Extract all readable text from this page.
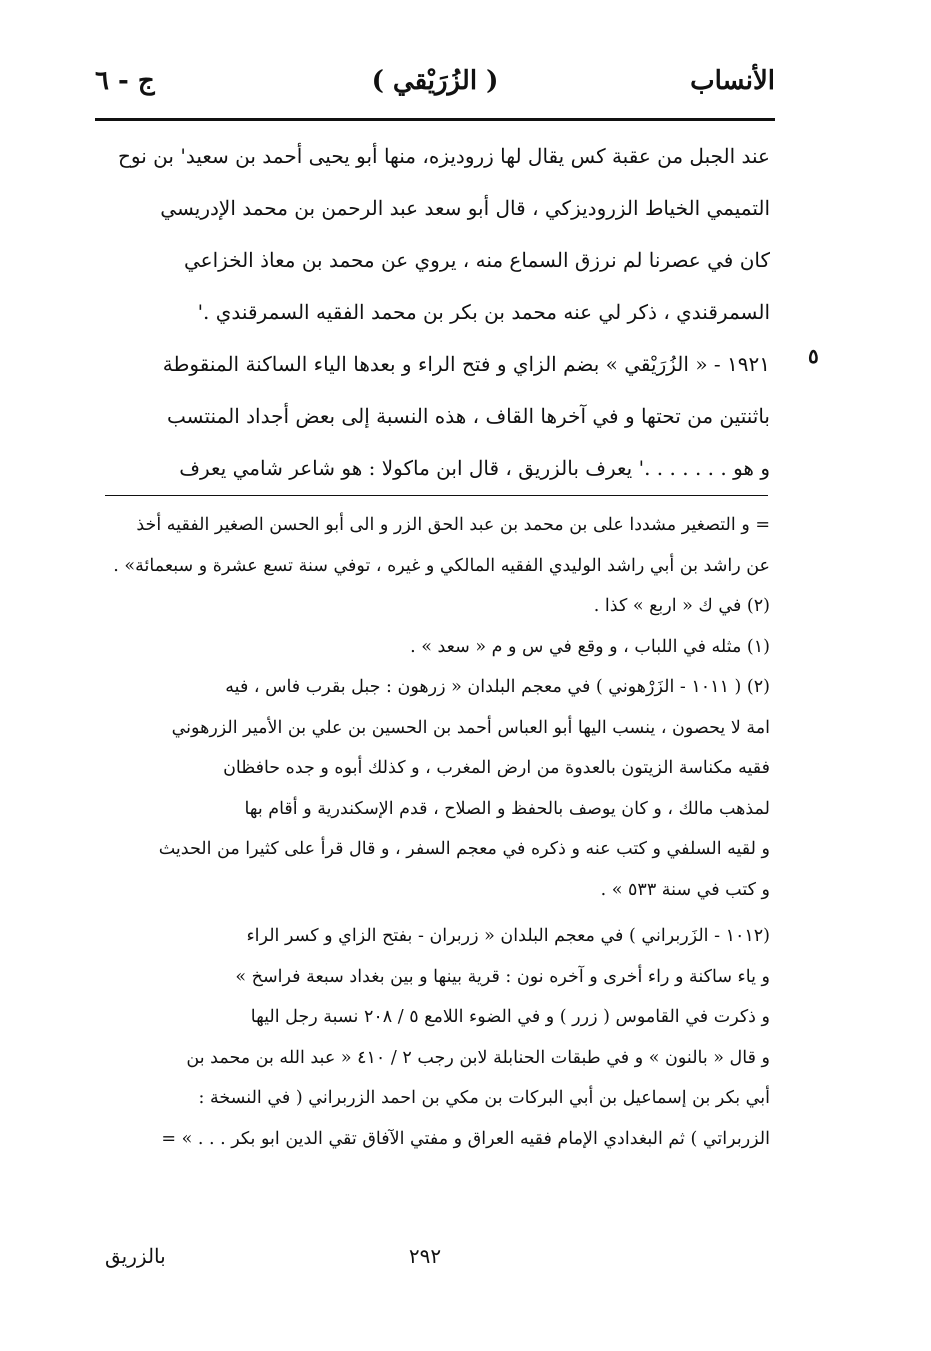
الأنساب
( الزُرَيْقي )
ج - ٦
٥
عند الجبل من عقبة كس يقال لها زرودیزه، منها أبو يحيى أحمد بن سعيد' بن نوح
التميمي الخياط الزرودیزكي ، قال أبو سعد عبد الرحمن بن محمد الإدريسي
كان في عصرنا لم نرزق السماع منه ، يروي عن محمد بن معاذ الخزاعي
السمرقندي ، ذكر لي عنه محمد بن بكر بن محمد الفقيه السمرقندي .'
١٩٢١ - « الزُرَيْقي » بضم الزاي و فتح الراء و بعدها الياء الساكنة المنقوطة
باثنتين من تحتها و في آخرها القاف ، هذه النسبة إلى بعض أجداد المنتسب
و هو . . . . . . .' يعرف بالزريق ، قال ابن ماكولا : هو شاعر شامي يعرف
= و التصغير مشددا على بن محمد بن عبد الحق الزر و الى أبو الحسن الصغير الفقيه أخذ
عن راشد بن أبي راشد الوليدي الفقيه المالكي و غيره ، توفي سنة تسع عشرة و سبعمائة» .
(٢) في ك « اربع » كذا .
(١) مثله في اللباب ، و وقع في س و م « سعد » .
(٢) ( ١٠١١ - الزَرْهوني ) في معجم البلدان « زرهون : جبل بقرب فاس ، فيه
امة لا يحصون ، ينسب اليها أبو العباس أحمد بن الحسين بن علي بن الأمير الزرهوني
فقيه مكناسة الزيتون بالعدوة من ارض المغرب ، و كذلك أبوه و جده حافظان
لمذهب مالك ، و كان يوصف بالحفظ و الصلاح ، قدم الإسكندرية و أقام بها
و لقيه السلفي و كتب عنه و ذكره في معجم السفر ، و قال قرأ على كثيرا من الحديث
و كتب في سنة ٥٣٣ » .
(١٠١٢ - الزَربراني ) في معجم البلدان « زربران - بفتح الزاي و كسر الراء
و ياء ساكنة و راء أخرى و آخره نون : قرية بينها و بين بغداد سبعة فراسخ »
و ذكرت في القاموس ( زرر ) و في الضوء اللامع ٥ / ٢٠٨ نسبة رجل اليها
و قال « بالنون » و في طبقات الحنابلة لابن رجب ٢ / ٤١٠ « عبد الله بن محمد بن
أبي بكر بن إسماعيل بن أبي البركات بن مكي بن احمد الزربراني ( في النسخة :
الزربراتي ) ثم البغدادي الإمام فقيه العراق و مفتي الآفاق تقي الدين ابو بكر . . . » =
بالزريق	٢٩٢
